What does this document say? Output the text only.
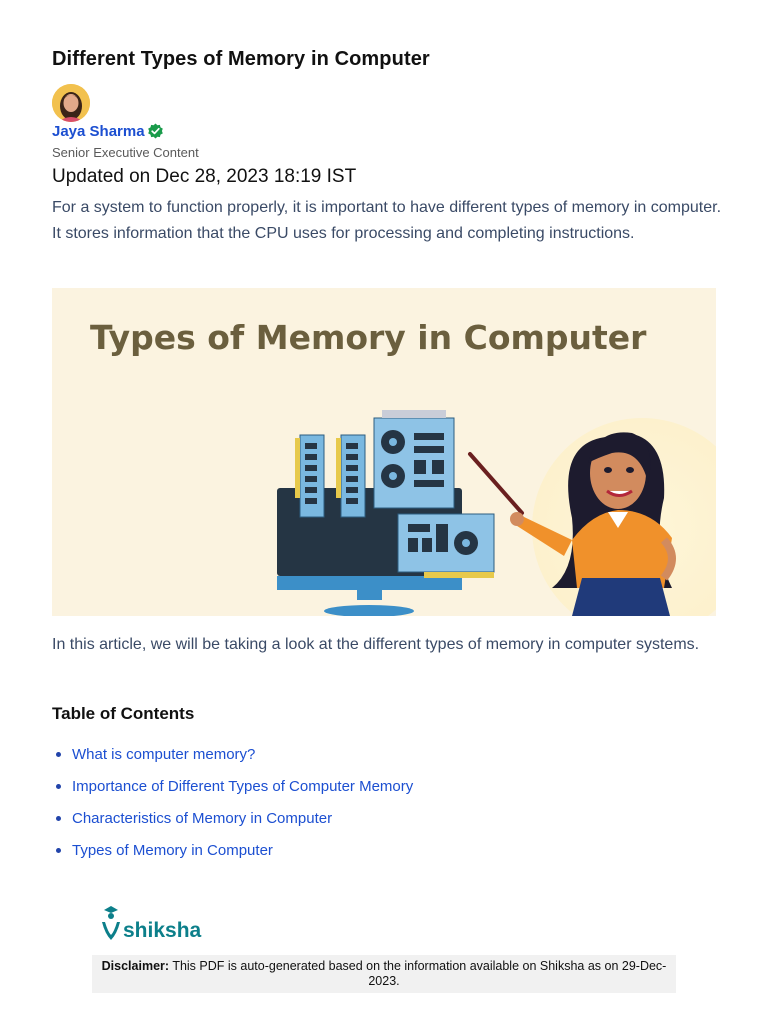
Different Types of Memory in Computer
Jaya Sharma
Senior Executive Content
Updated on Dec 28, 2023 18:19 IST

For a system to function properly, it is important to have different types of memory in computer. It stores information that the CPU uses for processing and completing instructions.

Types of Memory in Computer

In this article, we will be taking a look at the different types of memory in computer systems.

Table of Contents
What is computer memory?
Importance of Different Types of Computer Memory
Characteristics of Memory in Computer
Types of Memory in Computer
shiksha
Disclaimer: This PDF is auto-generated based on the information available on Shiksha as on 29-Dec-2023.
